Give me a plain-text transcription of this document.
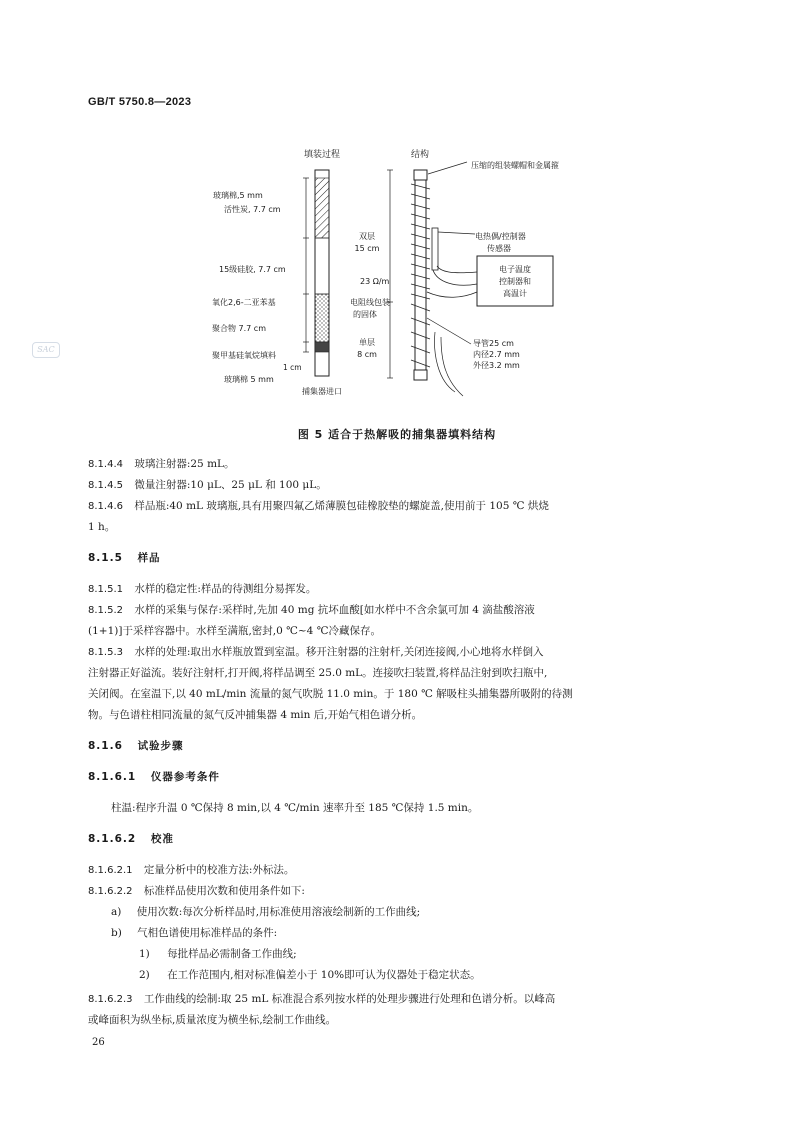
GB/T 5750.8—2023
SAC
填装过程
玻璃棉,5 mm
活性炭, 7.7 cm
15级硅胶, 7.7 cm
氧化2,6-二亚苯基
聚合物 7.7 cm
聚甲基硅氧烷填料
1 cm
玻璃棉 5 mm
捕集器进口
双层
15 cm
23 Ω/m
电阻线包装
的固体
单层
8 cm
结构
电子温度
控制器和
高温计
压缩的组装螺帽和金属箍
电热偶/控制器
传感器
导管25 cm
内径2.7 mm
外径3.2 mm
图 5 适合于热解吸的捕集器填料结构
8.1.4.4 玻璃注射器:25 mL。
8.1.4.5 微量注射器:10 μL、25 μL 和 100 μL。
8.1.4.6 样品瓶:40 mL 玻璃瓶,具有用聚四氟乙烯薄膜包硅橡胶垫的螺旋盖,使用前于 105 ℃ 烘烧
1 h。
8.1.5 样品
8.1.5.1 水样的稳定性:样品的待测组分易挥发。
8.1.5.2 水样的采集与保存:采样时,先加 40 mg 抗坏血酸[如水样中不含余氯可加 4 滴盐酸溶液
(1+1)]于采样容器中。水样至满瓶,密封,0 ℃~4 ℃冷藏保存。
8.1.5.3 水样的处理:取出水样瓶放置到室温。移开注射器的注射杆,关闭连接阀,小心地将水样倒入
注射器正好溢流。装好注射杆,打开阀,将样品调至 25.0 mL。连接吹扫装置,将样品注射到吹扫瓶中,
关闭阀。在室温下,以 40 mL/min 流量的氮气吹脱 11.0 min。于 180 ℃ 解吸柱头捕集器所吸附的待测
物。与色谱柱相同流量的氮气反冲捕集器 4 min 后,开始气相色谱分析。
8.1.6 试验步骤
8.1.6.1 仪器参考条件
柱温:程序升温 0 ℃保持 8 min,以 4 ℃/min 速率升至 185 ℃保持 1.5 min。
8.1.6.2 校准
8.1.6.2.1 定量分析中的校准方法:外标法。
8.1.6.2.2 标准样品使用次数和使用条件如下:
a) 使用次数:每次分析样品时,用标准使用溶液绘制新的工作曲线;
b) 气相色谱使用标准样品的条件:
1) 每批样品必需制备工作曲线;
2) 在工作范围内,相对标准偏差小于 10%即可认为仪器处于稳定状态。
8.1.6.2.3 工作曲线的绘制:取 25 mL 标准混合系列按水样的处理步骤进行处理和色谱分析。以峰高
或峰面积为纵坐标,质量浓度为横坐标,绘制工作曲线。
26
